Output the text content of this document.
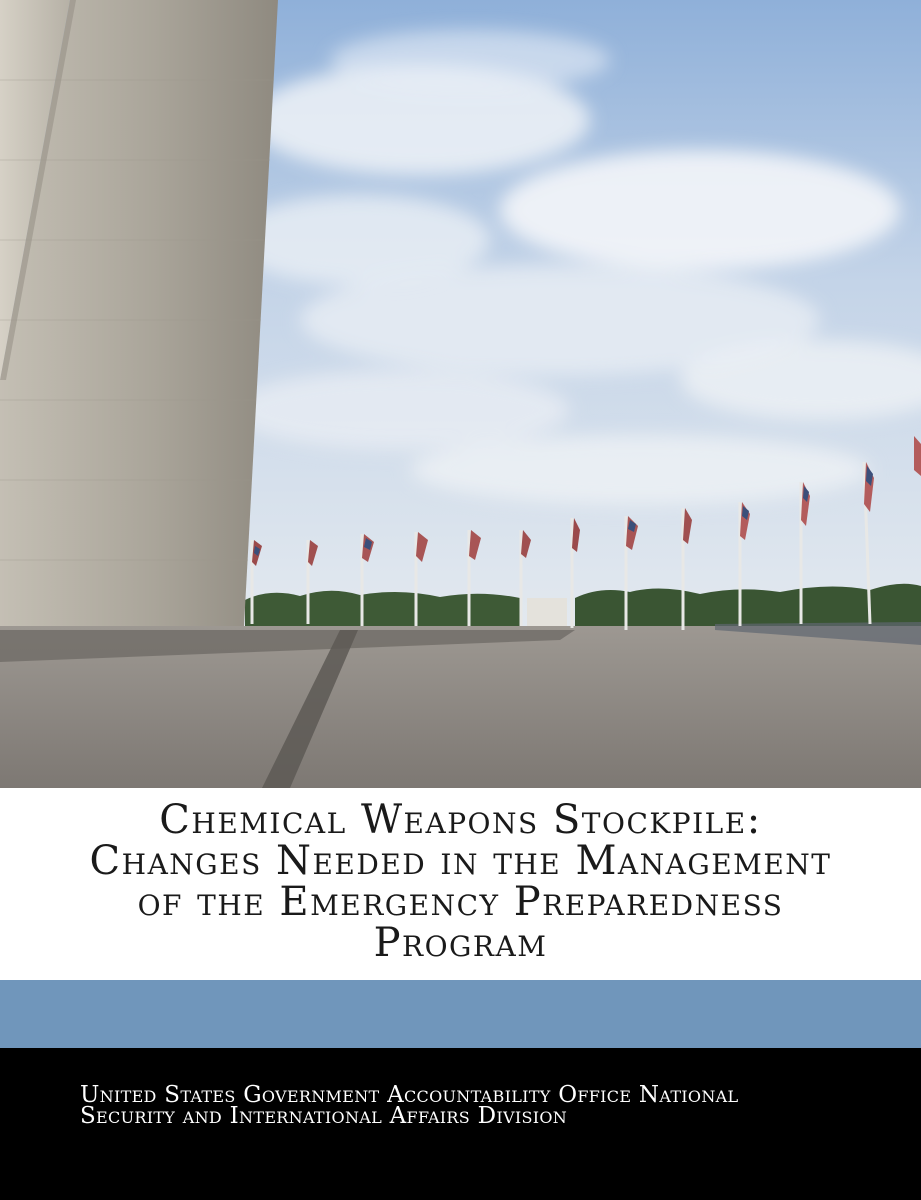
Chemical Weapons Stockpile:
Changes Needed in the Management
of the Emergency Preparedness
Program

United States Government Accountability Office National
Security and International Affairs Division
